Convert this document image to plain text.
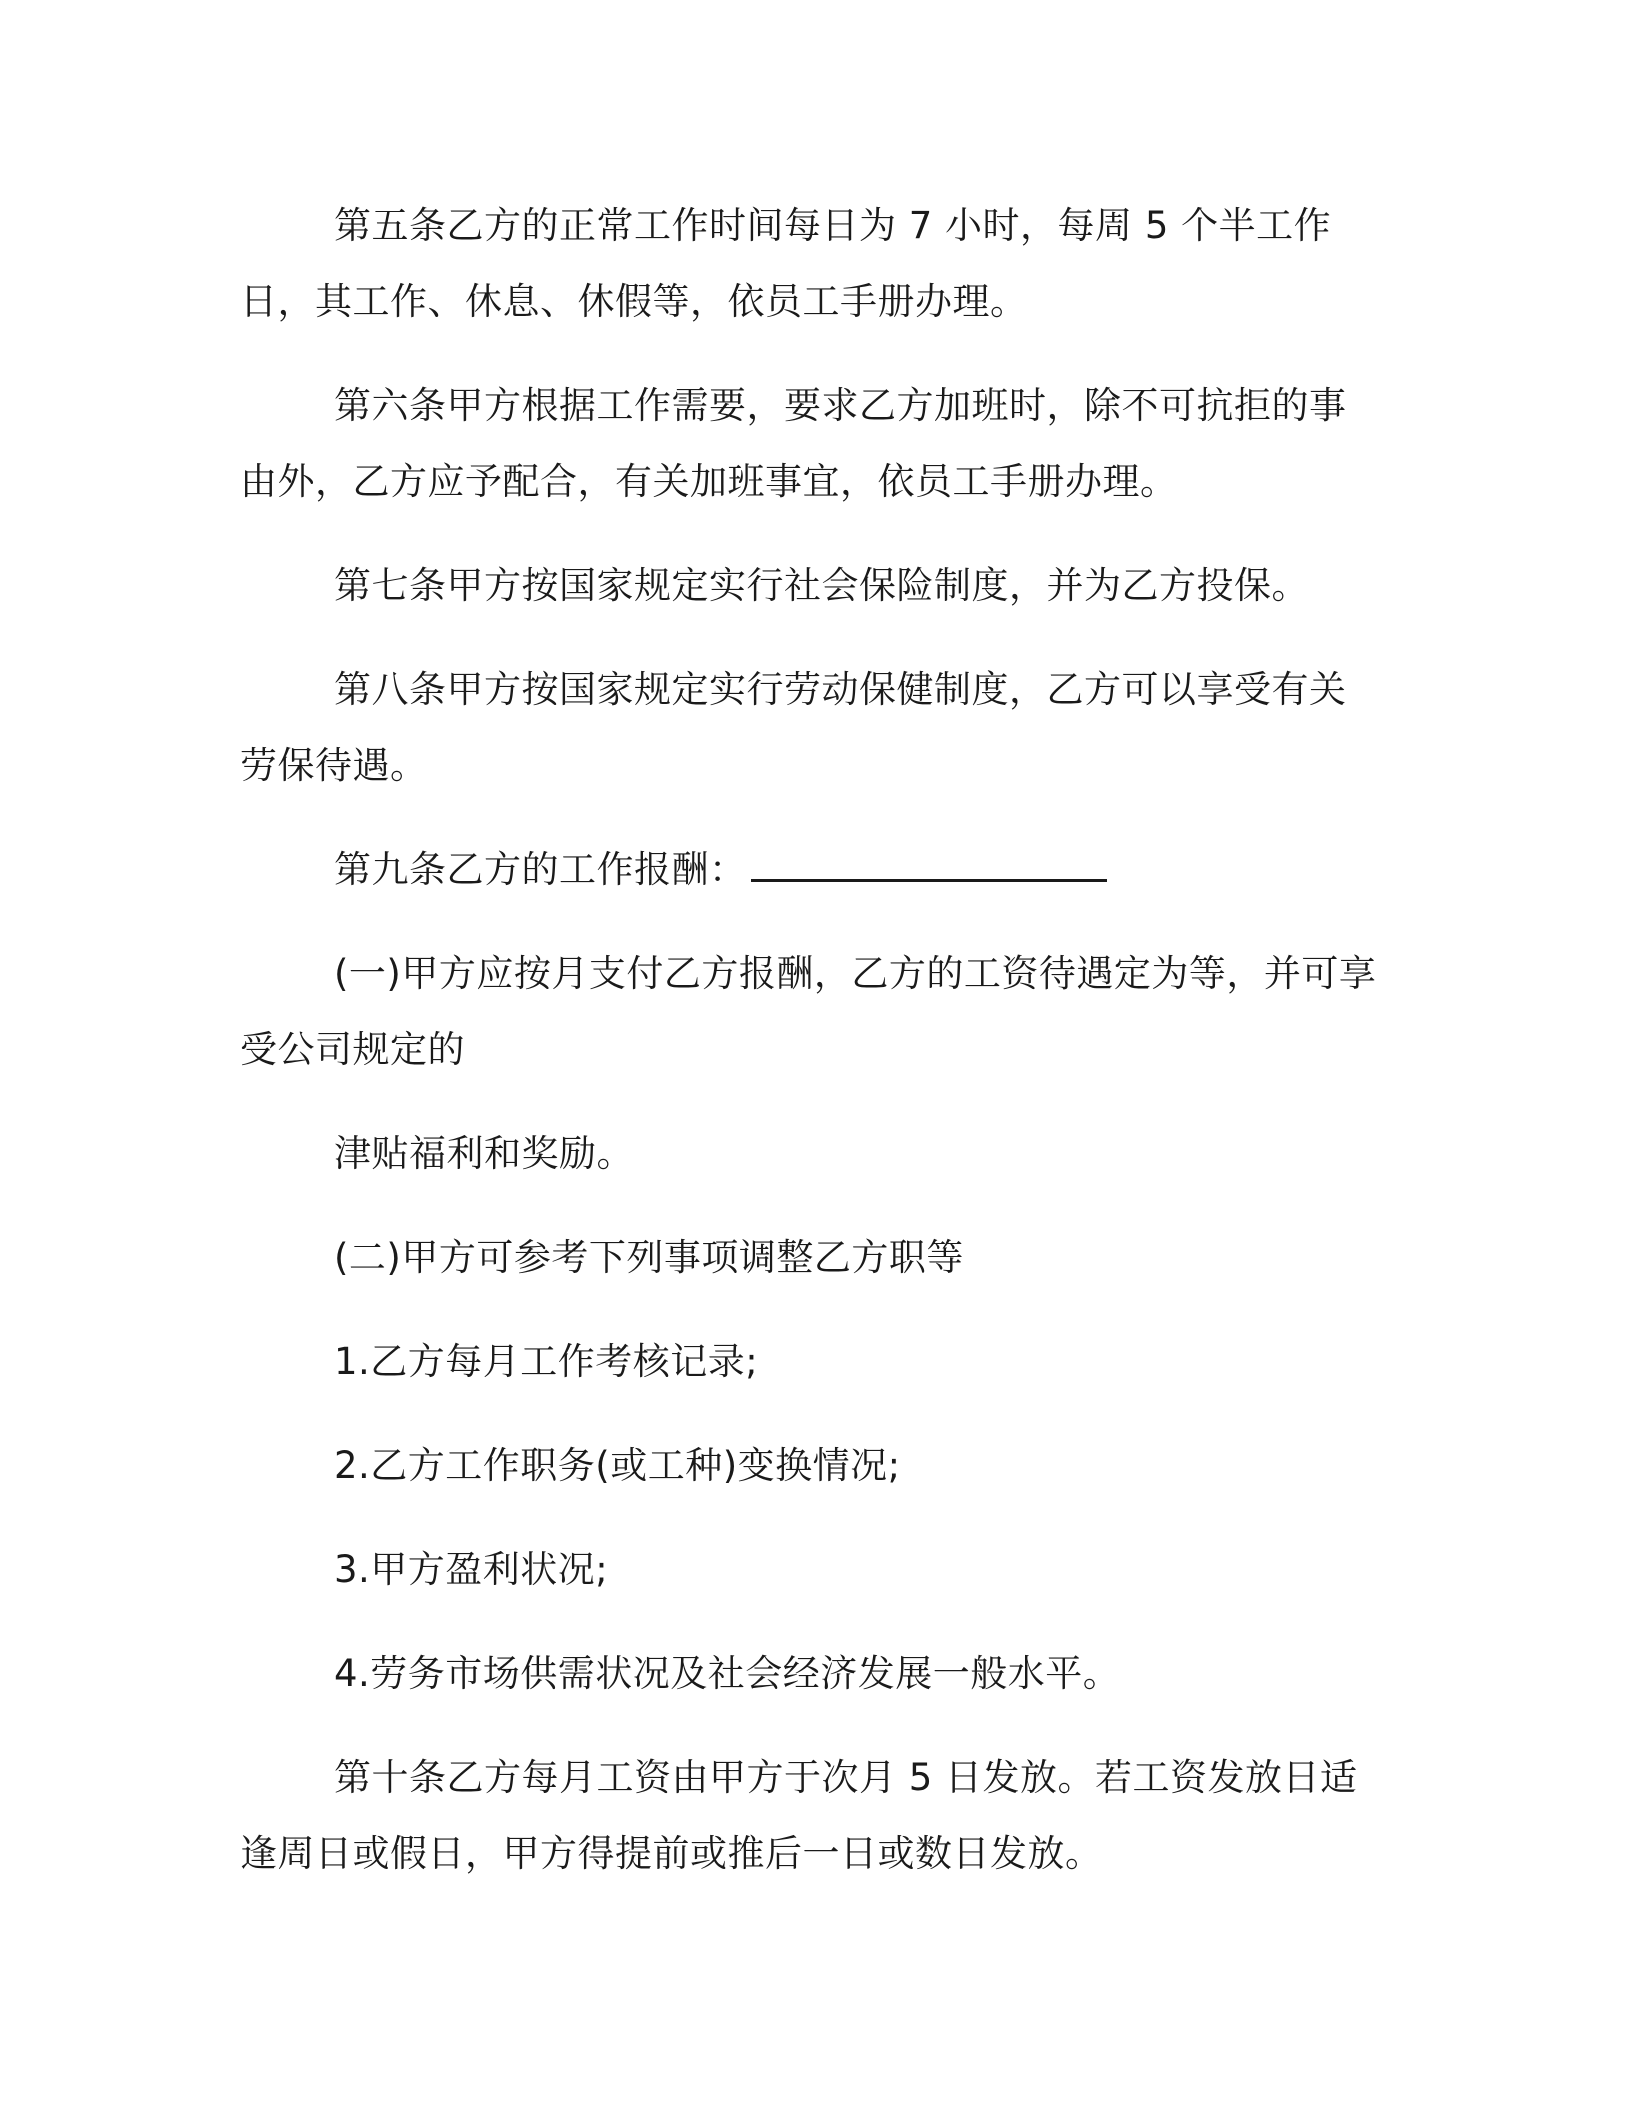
第五条乙方的正常工作时间每日为 7 小时，每周 5 个半工作日，其工作、休息、休假等，依员工手册办理。

第六条甲方根据工作需要，要求乙方加班时，除不可抗拒的事由外，乙方应予配合，有关加班事宜，依员工手册办理。

第七条甲方按国家规定实行社会保险制度，并为乙方投保。

第八条甲方按国家规定实行劳动保健制度，乙方可以享受有关劳保待遇。

第九条乙方的工作报酬：

(一)甲方应按月支付乙方报酬，乙方的工资待遇定为等，并可享受公司规定的

津贴福利和奖励。

(二)甲方可参考下列事项调整乙方职等

1.乙方每月工作考核记录;

2.乙方工作职务(或工种)变换情况;

3.甲方盈利状况;

4.劳务市场供需状况及社会经济发展一般水平。

第十条乙方每月工资由甲方于次月 5 日发放。若工资发放日适逢周日或假日，甲方得提前或推后一日或数日发放。
